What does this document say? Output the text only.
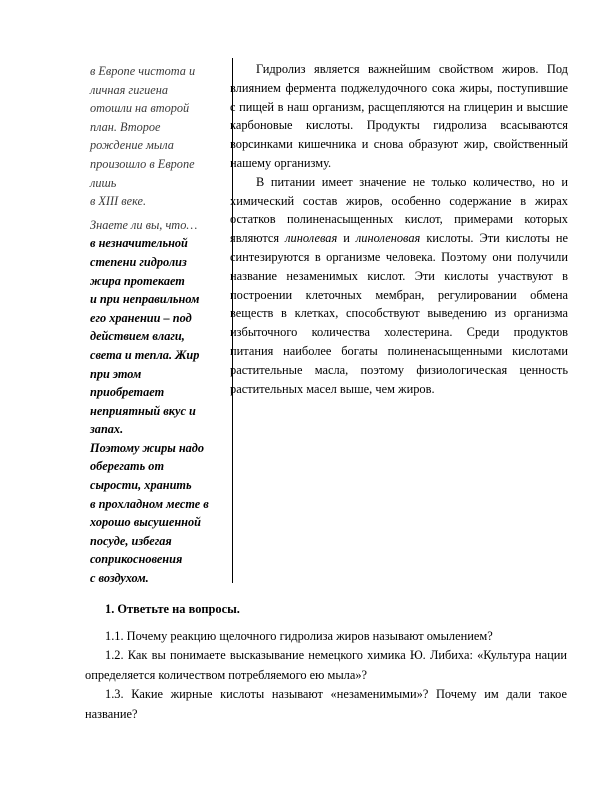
в Европе чистота и
личная гигиена
отошли на второй
план. Второе
рождение мыла
произошло в Европе
лишь
в XIII веке.
Знаете ли вы, что…
в незначительной
степени гидролиз
жира протекает
и при неправильном
его хранении – под
действием влаги,
света и тепла. Жир
при этом
приобретает
неприятный вкус и
запах.
Поэтому жиры надо
оберегать от
сырости, хранить
в прохладном месте в
хорошо высушенной
посуде, избегая
соприкосновения
с воздухом.

Гидролиз является важнейшим свойством жиров. Под влиянием фермента поджелудочного сока жиры, поступившие с пищей в наш организм, расщепляются на глицерин и высшие карбоновые кислоты. Продукты гидролиза всасываются ворсинками кишечника и снова образуют жир, свойственный нашему организму.

В питании имеет значение не только количество, но и химический состав жиров, особенно содержание в жирах остатков полиненасыщенных кислот, примерами которых являются линолевая и линоленовая кислоты. Эти кислоты не синтезируются в организме человека. Поэтому они получили название незаменимых кислот. Эти кислоты участвуют в построении клеточных мембран, регулировании обмена веществ в клетках, способствуют выведению из организма избыточного количества холестерина. Среди продуктов питания наиболее богаты полиненасыщенными кислотами растительные масла, поэтому физиологическая ценность растительных масел выше, чем жиров.

1. Ответьте на вопросы.

1.1. Почему реакцию щелочного гидролиза жиров называют омылением?

1.2. Как вы понимаете высказывание немецкого химика Ю. Либиха: «Культура нации определяется количеством потребляемого ею мыла»?

1.3. Какие жирные кислоты называют «незаменимыми»? Почему им дали такое название?
